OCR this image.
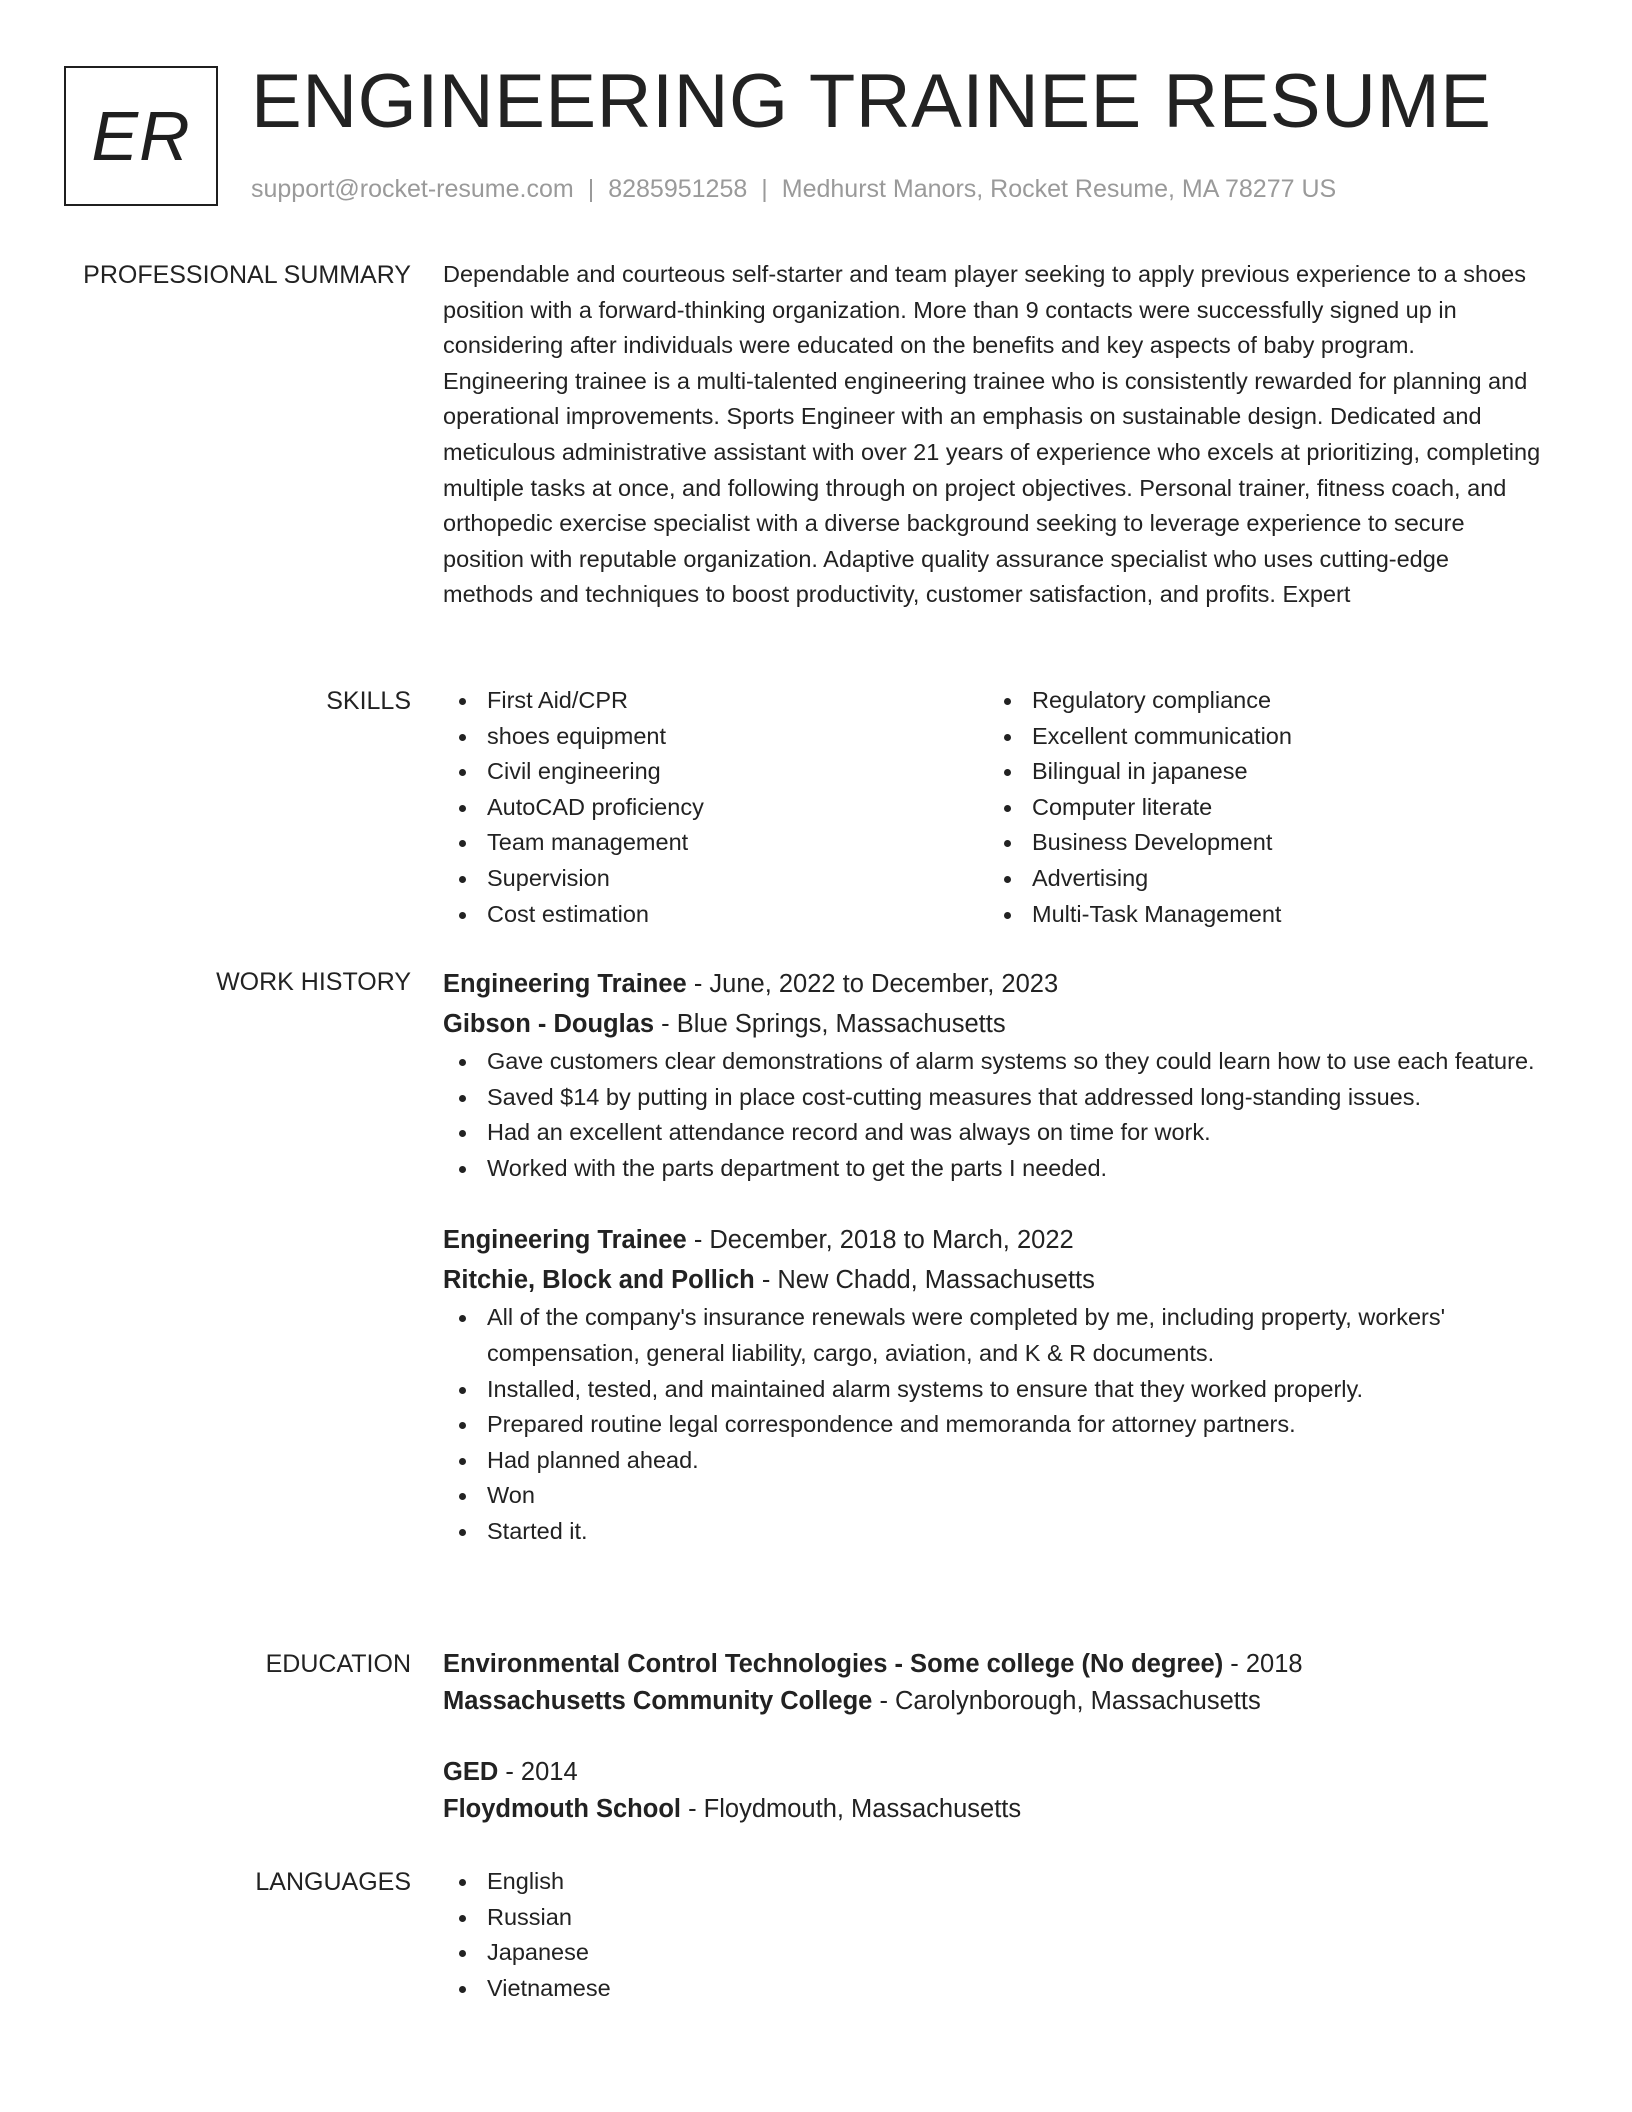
ER ENGINEERING TRAINEE RESUME
support@rocket-resume.com | 8285951258 | Medhurst Manors, Rocket Resume, MA 78277 US
PROFESSIONAL SUMMARY Dependable and courteous self-starter and team player seeking to apply previous experience to a shoes position with a forward-thinking organization. More than 9 contacts were successfully signed up in considering after individuals were educated on the benefits and key aspects of baby program. Engineering trainee is a multi-talented engineering trainee who is consistently rewarded for planning and operational improvements. Sports Engineer with an emphasis on sustainable design. Dedicated and meticulous administrative assistant with over 21 years of experience who excels at prioritizing, completing multiple tasks at once, and following through on project objectives. Personal trainer, fitness coach, and orthopedic exercise specialist with a diverse background seeking to leverage experience to secure position with reputable organization. Adaptive quality assurance specialist who uses cutting-edge methods and techniques to boost productivity, customer satisfaction, and profits. Expert

SKILLS	First Aid/CPR
shoes equipment
Civil engineering
AutoCAD proficiency
Team management
Supervision
Cost estimation
Regulatory compliance
Excellent communication
Bilingual in japanese
Computer literate
Business Development
Advertising
Multi-Task Management
WORK HISTORY Engineering Trainee - June, 2022 to December, 2023
Gibson - Douglas - Blue Springs, Massachusetts
Gave customers clear demonstrations of alarm systems so they could learn how to use each feature.
Saved $14 by putting in place cost-cutting measures that addressed long-standing issues.
Had an excellent attendance record and was always on time for work.
Worked with the parts department to get the parts I needed.
Engineering Trainee - December, 2018 to March, 2022
Ritchie, Block and Pollich - New Chadd, Massachusetts
All of the company's insurance renewals were completed by me, including property, workers' compensation, general liability, cargo, aviation, and K & R documents.
Installed, tested, and maintained alarm systems to ensure that they worked properly.
Prepared routine legal correspondence and memoranda for attorney partners.
Had planned ahead.
Won
Started it.
EDUCATION Environmental Control Technologies - Some college (No degree) - 2018
Massachusetts Community College - Carolynborough, Massachusetts
GED - 2014
Floydmouth School - Floydmouth, Massachusetts
LANGUAGES	English
Russian
Japanese
Vietnamese
